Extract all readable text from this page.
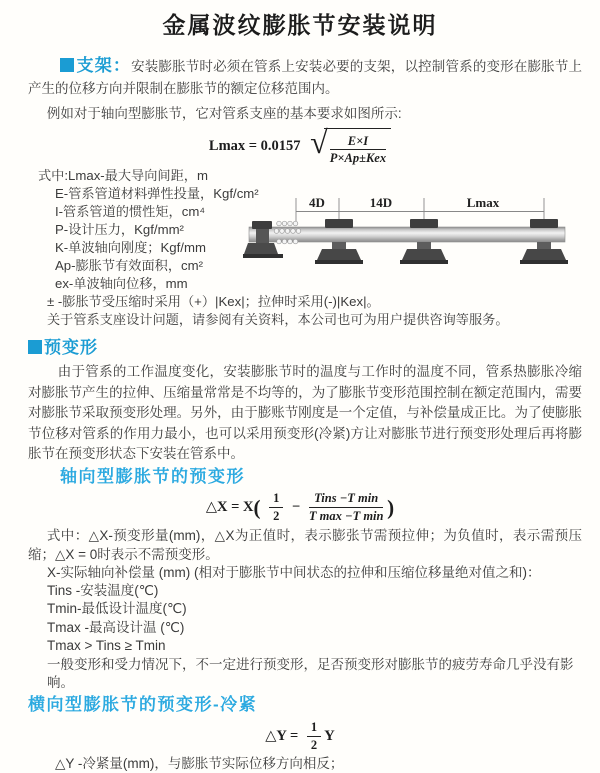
金属波纹膨胀节安装说明

支架：安装膨胀节时必须在管系上安装必要的支架，以控制管系的变形在膨胀节上产生的位移方向并限制在膨胀节的额定位移范围内。

例如对于轴向型膨胀节，它对管系支座的基本要求如图所示:

Lmax = 0.0157 √ $\frac{E\times I}{\text{P×Ap±Kex}}$
式中:Lmax-最大导向间距，m
E-管系管道材料弹性投量，Kgf/cm²
I-管系管道的惯性矩，cm⁴
P-设计压力，Kgf/mm²
K-单波轴向刚度；Kgf/mm
Ap-膨胀节有效面积，cm²
ex-单波轴向位移，mm
± -膨胀节受压缩时采用（+）|Kex|；拉伸时采用(-)|Kex|。
关于管系支座设计问题，请参阅有关资料，本公司也可为用户提供咨询等服务。
4D	14D	Lmax
预变形

由于管系的工作温度变化，安装膨胀节时的温度与工作时的温度不同，管系热膨胀冷缩对膨胀节产生的拉伸、压缩量常常是不均等的，为了膨胀节变形范围控制在额定范围内，需要对膨胀节采取预变形处理。另外，由于膨账节刚度是一个定值，与补偿量成正比。为了使膨胀节位移对管系的作用力最小，也可以采用预变形(冷紧)方让对膨胀节进行预变形处理后再将膨胀节在预变形状态下安装在管系中。

轴向型膨胀节的预变形
△X = $X( \frac{1}{2} - \frac{\text{Tins −T min}}{\text{T max −T min}}$ )

式中：△X-预变形量(mm)，△X为正值时，表示膨张节需预拉伸；为负值时，表示需预压缩；△X = 0时表示不需预变形。

X-实际轴向补偿量 (mm) (相对于膨胀节中间状态的拉伸和压缩位移量绝对值之和)：
Tins -安装温度(℃)
Tmin-最低设计温度(℃)
Tmax -最高设计温 (℃)
Tmax > Tins ≥ Tmin
一般变形和受力情况下，不一定进行预变形，足否预变形对膨胀节的疲劳寿命几乎没有影响。
横向型膨胀节的预变形-冷紧
△Y = $\frac{1}{2}$ Y
△Y -冷紧量(mm)，与膨胀节实际位移方向相反；
